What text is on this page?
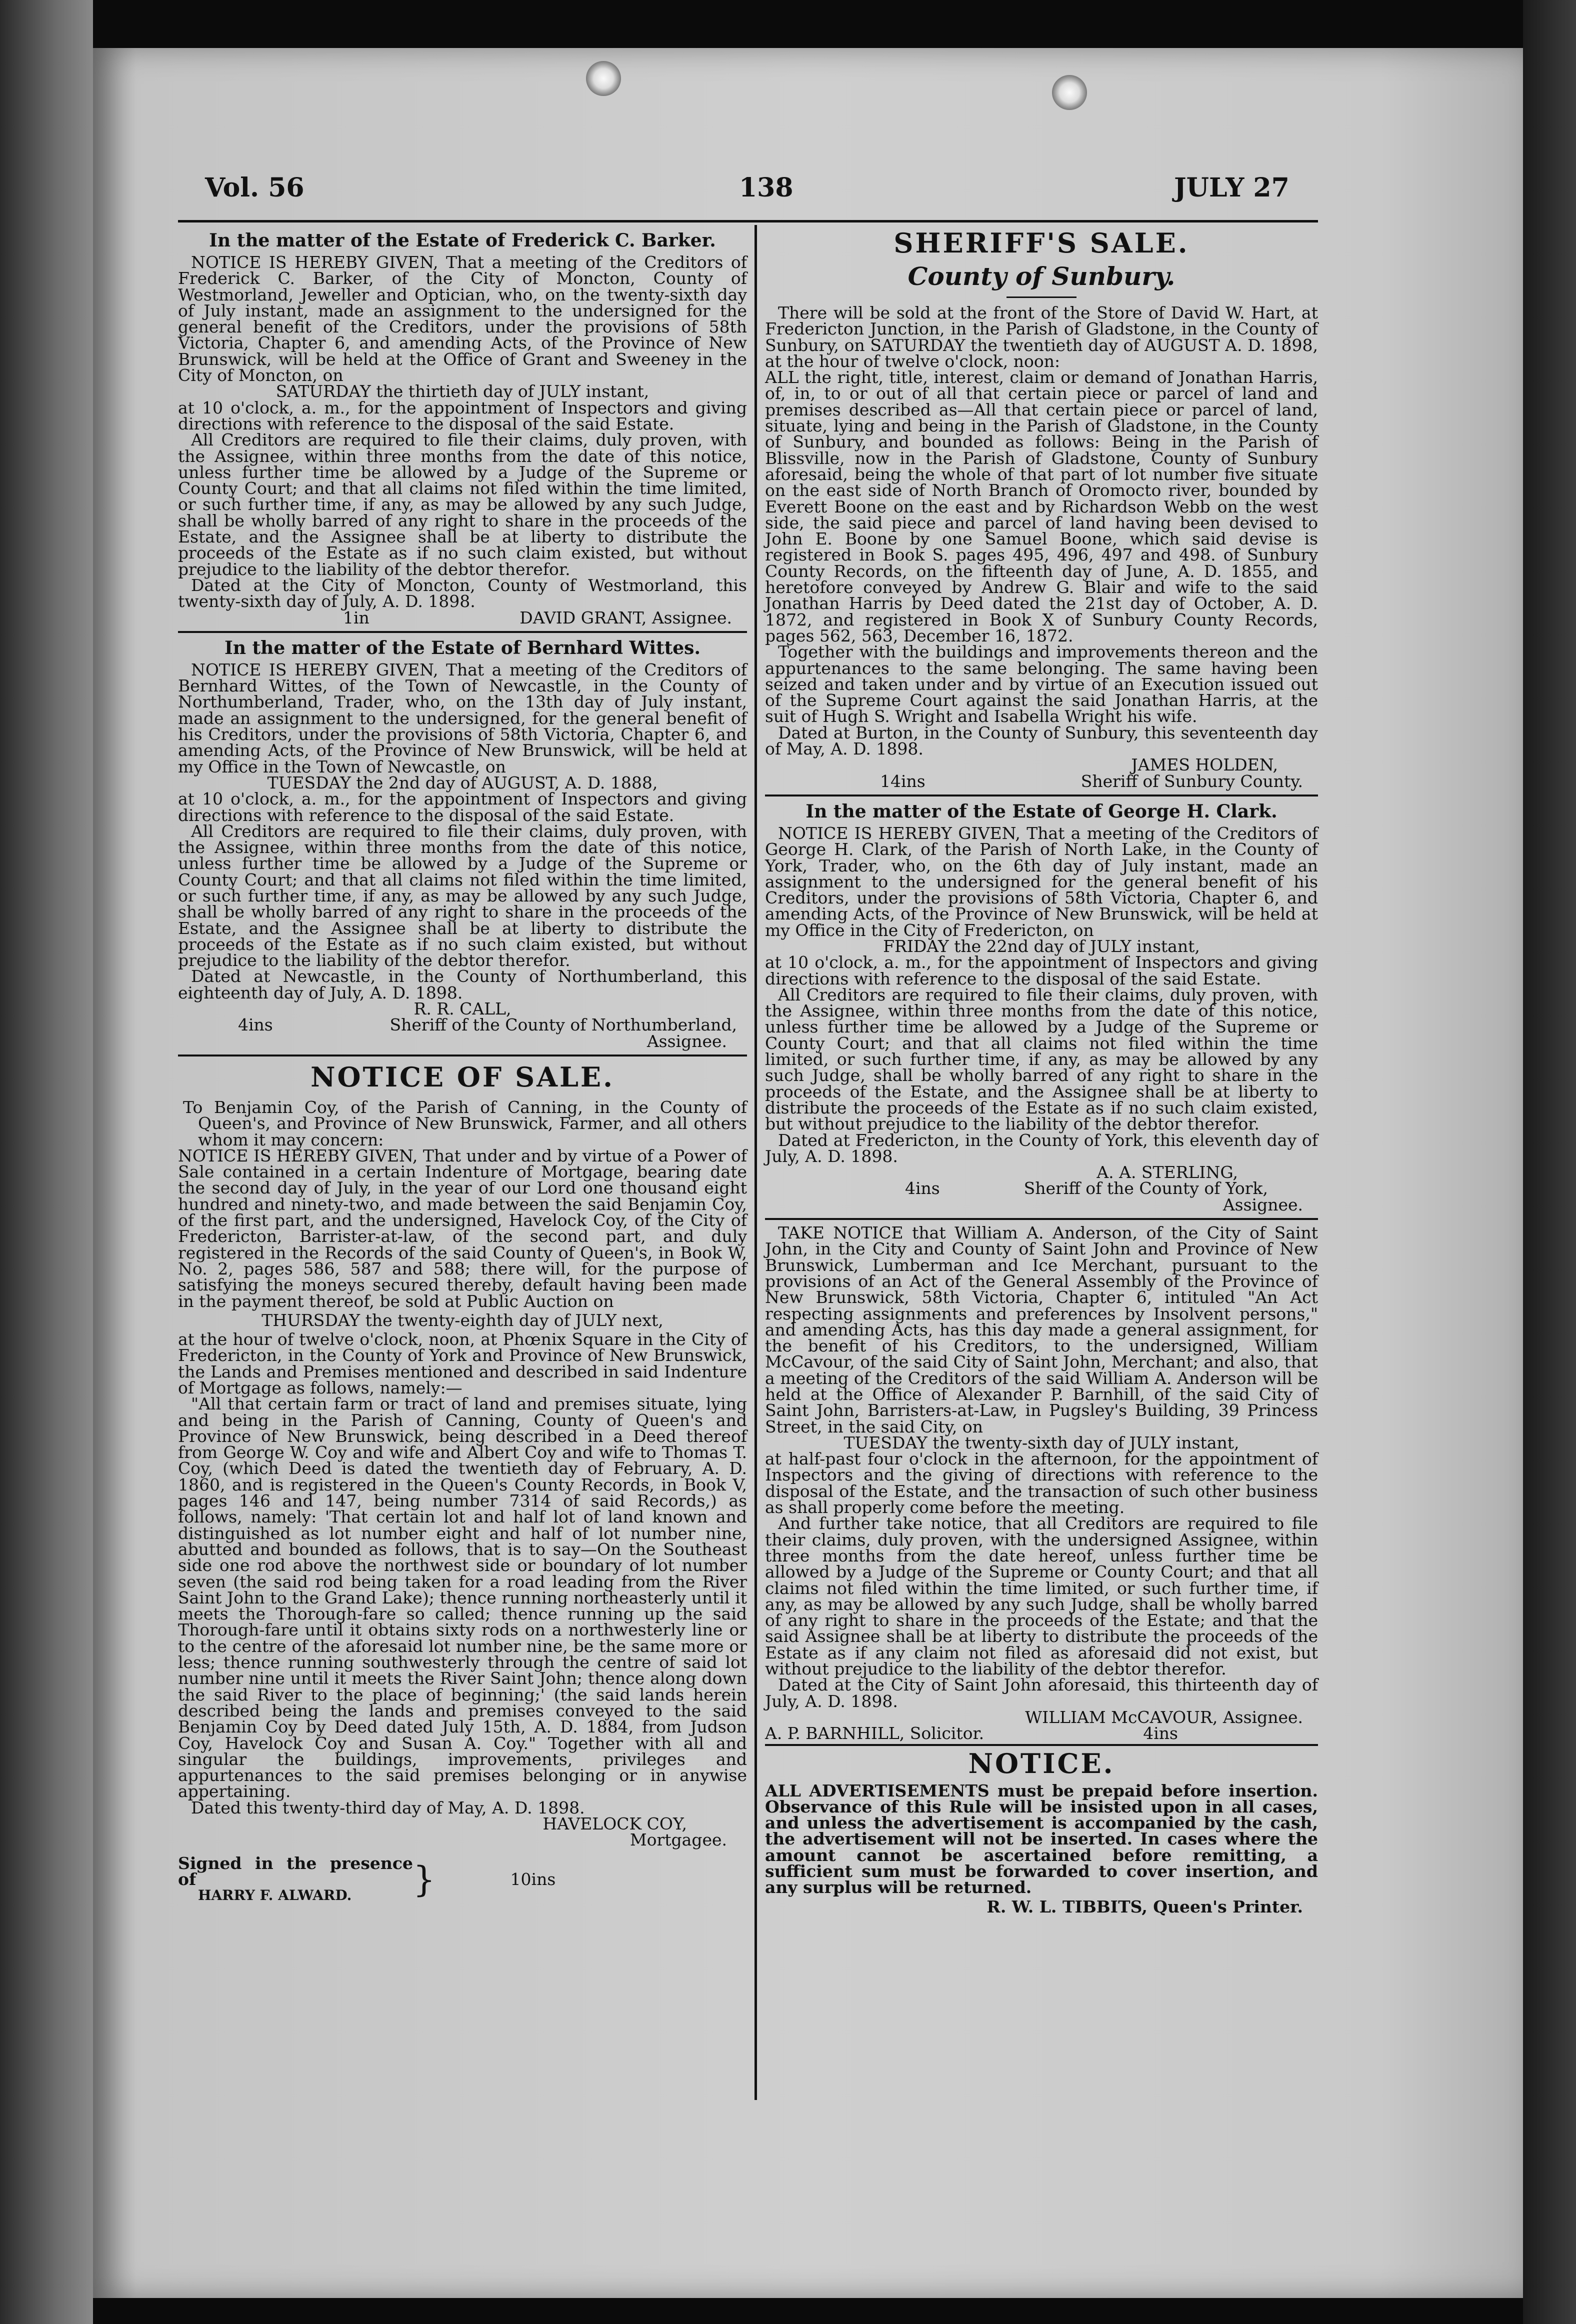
Vol. 56	138	JULY 27
In the matter of the Estate of Frederick C. Barker.

NOTICE IS HEREBY GIVEN, That a meeting of the Creditors of Frederick C. Barker, of the City of Moncton, County of Westmorland, Jeweller and Optician, who, on the twenty-sixth day of July instant, made an assignment to the undersigned for the general benefit of the Creditors, under the provisions of 58th Victoria, Chapter 6, and amending Acts, of the Province of New Brunswick, will be held at the Office of Grant and Sweeney in the City of Moncton, on

SATURDAY the thirtieth day of JULY instant,

at 10 o'clock, a. m., for the appointment of Inspectors and giving directions with reference to the disposal of the said Estate.

All Creditors are required to file their claims, duly proven, with the Assignee, within three months from the date of this notice, unless further time be allowed by a Judge of the Supreme or County Court; and that all claims not filed within the time limited, or such further time, if any, as may be allowed by any such Judge, shall be wholly barred of any right to share in the proceeds of the Estate, and the Assignee shall be at liberty to distribute the proceeds of the Estate as if no such claim existed, but without prejudice to the liability of the debtor therefor.

Dated at the City of Moncton, County of Westmorland, this twenty-sixth day of July, A. D. 1898.

1in	DAVID GRANT, Assignee.
In the matter of the Estate of Bernhard Wittes.

NOTICE IS HEREBY GIVEN, That a meeting of the Creditors of Bernhard Wittes, of the Town of Newcastle, in the County of Northumberland, Trader, who, on the 13th day of July instant, made an assignment to the undersigned, for the general benefit of his Creditors, under the provisions of 58th Victoria, Chapter 6, and amending Acts, of the Province of New Brunswick, will be held at my Office in the Town of Newcastle, on

TUESDAY the 2nd day of AUGUST, A. D. 1888,

at 10 o'clock, a. m., for the appointment of Inspectors and giving directions with reference to the disposal of the said Estate.

All Creditors are required to file their claims, duly proven, with the Assignee, within three months from the date of this notice, unless further time be allowed by a Judge of the Supreme or County Court; and that all claims not filed within the time limited, or such further time, if any, as may be allowed by any such Judge, shall be wholly barred of any right to share in the proceeds of the Estate, and the Assignee shall be at liberty to distribute the proceeds of the Estate as if no such claim existed, but without prejudice to the liability of the debtor therefor.

Dated at Newcastle, in the County of Northumberland, this eighteenth day of July, A. D. 1898.

R. R. CALL,

4ins	Sheriff of the County of Northumberland,

Assignee.

NOTICE OF SALE.

To Benjamin Coy, of the Parish of Canning, in the County of Queen's, and Province of New Brunswick, Farmer, and all others whom it may concern:

NOTICE IS HEREBY GIVEN, That under and by virtue of a Power of Sale contained in a certain Indenture of Mortgage, bearing date the second day of July, in the year of our Lord one thousand eight hundred and ninety-two, and made between the said Benjamin Coy, of the first part, and the undersigned, Havelock Coy, of the City of Fredericton, Barrister-at-law, of the second part, and duly registered in the Records of the said County of Queen's, in Book W, No. 2, pages 586, 587 and 588; there will, for the purpose of satisfying the moneys secured thereby, default having been made in the payment thereof, be sold at Public Auction on

THURSDAY the twenty-eighth day of JULY next,

at the hour of twelve o'clock, noon, at Phœnix Square in the City of Fredericton, in the County of York and Province of New Brunswick, the Lands and Premises mentioned and described in said Indenture of Mortgage as follows, namely:—

"All that certain farm or tract of land and premises situate, lying and being in the Parish of Canning, County of Queen's and Province of New Brunswick, being described in a Deed thereof from George W. Coy and wife and Albert Coy and wife to Thomas T. Coy, (which Deed is dated the twentieth day of February, A. D. 1860, and is registered in the Queen's County Records, in Book V, pages 146 and 147, being number 7314 of said Records,) as follows, namely: 'That certain lot and half lot of land known and distinguished as lot number eight and half of lot number nine, abutted and bounded as follows, that is to say—On the Southeast side one rod above the northwest side or boundary of lot number seven (the said rod being taken for a road leading from the River Saint John to the Grand Lake); thence running northeasterly until it meets the Thorough-fare so called; thence running up the said Thorough-fare until it obtains sixty rods on a northwesterly line or to the centre of the aforesaid lot number nine, be the same more or less; thence running southwesterly through the centre of said lot number nine until it meets the River Saint John; thence along down the said River to the place of beginning;' (the said lands herein described being the lands and premises conveyed to the said Benjamin Coy by Deed dated July 15th, A. D. 1884, from Judson Coy, Havelock Coy and Susan A. Coy." Together with all and singular the buildings, improvements, privileges and appurtenances to the said premises belonging or in anywise appertaining.

Dated this twenty-third day of May, A. D. 1898.

HAVELOCK COY,

Mortgagee.

Signed in the presence of
HARRY F. ALWARD.	}	10ins
SHERIFF'S SALE.
County of Sunbury.

There will be sold at the front of the Store of David W. Hart, at Fredericton Junction, in the Parish of Gladstone, in the County of Sunbury, on SATURDAY the twentieth day of AUGUST A. D. 1898, at the hour of twelve o'clock, noon:

ALL the right, title, interest, claim or demand of Jonathan Harris, of, in, to or out of all that certain piece or parcel of land and premises described as—All that certain piece or parcel of land, situate, lying and being in the Parish of Gladstone, in the County of Sunbury, and bounded as follows: Being in the Parish of Blissville, now in the Parish of Gladstone, County of Sunbury aforesaid, being the whole of that part of lot number five situate on the east side of North Branch of Oromocto river, bounded by Everett Boone on the east and by Richardson Webb on the west side, the said piece and parcel of land having been devised to John E. Boone by one Samuel Boone, which said devise is registered in Book S. pages 495, 496, 497 and 498. of Sunbury County Records, on the fifteenth day of June, A. D. 1855, and heretofore conveyed by Andrew G. Blair and wife to the said Jonathan Harris by Deed dated the 21st day of October, A. D. 1872, and registered in Book X of Sunbury County Records, pages 562, 563, December 16, 1872.

Together with the buildings and improvements thereon and the appurtenances to the same belonging. The same having been seized and taken under and by virtue of an Execution issued out of the Supreme Court against the said Jonathan Harris, at the suit of Hugh S. Wright and Isabella Wright his wife.

Dated at Burton, in the County of Sunbury, this seventeenth day of May, A. D. 1898.

JAMES HOLDEN,

14ins	Sheriff of Sunbury County.
In the matter of the Estate of George H. Clark.

NOTICE IS HEREBY GIVEN, That a meeting of the Creditors of George H. Clark, of the Parish of North Lake, in the County of York, Trader, who, on the 6th day of July instant, made an assignment to the undersigned for the general benefit of his Creditors, under the provisions of 58th Victoria, Chapter 6, and amending Acts, of the Province of New Brunswick, will be held at my Office in the City of Fredericton, on

FRIDAY the 22nd day of JULY instant,

at 10 o'clock, a. m., for the appointment of Inspectors and giving directions with reference to the disposal of the said Estate.

All Creditors are required to file their claims, duly proven, with the Assignee, within three months from the date of this notice, unless further time be allowed by a Judge of the Supreme or County Court; and that all claims not filed within the time limited, or such further time, if any, as may be allowed by any such Judge, shall be wholly barred of any right to share in the proceeds of the Estate, and the Assignee shall be at liberty to distribute the proceeds of the Estate as if no such claim existed, but without prejudice to the liability of the debtor therefor.

Dated at Fredericton, in the County of York, this eleventh day of July, A. D. 1898.

A. A. STERLING,

4ins	Sheriff of the County of York,

Assignee.

TAKE NOTICE that William A. Anderson, of the City of Saint John, in the City and County of Saint John and Province of New Brunswick, Lumberman and Ice Merchant, pursuant to the provisions of an Act of the General Assembly of the Province of New Brunswick, 58th Victoria, Chapter 6, intituled "An Act respecting assignments and preferences by Insolvent persons," and amending Acts, has this day made a general assignment, for the benefit of his Creditors, to the undersigned, William McCavour, of the said City of Saint John, Merchant; and also, that a meeting of the Creditors of the said William A. Anderson will be held at the Office of Alexander P. Barnhill, of the said City of Saint John, Barristers-at-Law, in Pugsley's Building, 39 Princess Street, in the said City, on

TUESDAY the twenty-sixth day of JULY instant,

at half-past four o'clock in the afternoon, for the appointment of Inspectors and the giving of directions with reference to the disposal of the Estate, and the transaction of such other business as shall properly come before the meeting.

And further take notice, that all Creditors are required to file their claims, duly proven, with the undersigned Assignee, within three months from the date hereof, unless further time be allowed by a Judge of the Supreme or County Court; and that all claims not filed within the time limited, or such further time, if any, as may be allowed by any such Judge, shall be wholly barred of any right to share in the proceeds of the Estate; and that the said Assignee shall be at liberty to distribute the proceeds of the Estate as if any claim not filed as aforesaid did not exist, but without prejudice to the liability of the debtor therefor.

Dated at the City of Saint John aforesaid, this thirteenth day of July, A. D. 1898.

WILLIAM McCAVOUR, Assignee.

A. P. BARNHILL, Solicitor.	4ins
NOTICE.

ALL ADVERTISEMENTS must be prepaid before insertion. Observance of this Rule will be insisted upon in all cases, and unless the advertisement is accompanied by the cash, the advertisement will not be inserted. In cases where the amount cannot be ascertained before remitting, a sufficient sum must be forwarded to cover insertion, and any surplus will be returned.

R. W. L. TIBBITS, Queen's Printer.
